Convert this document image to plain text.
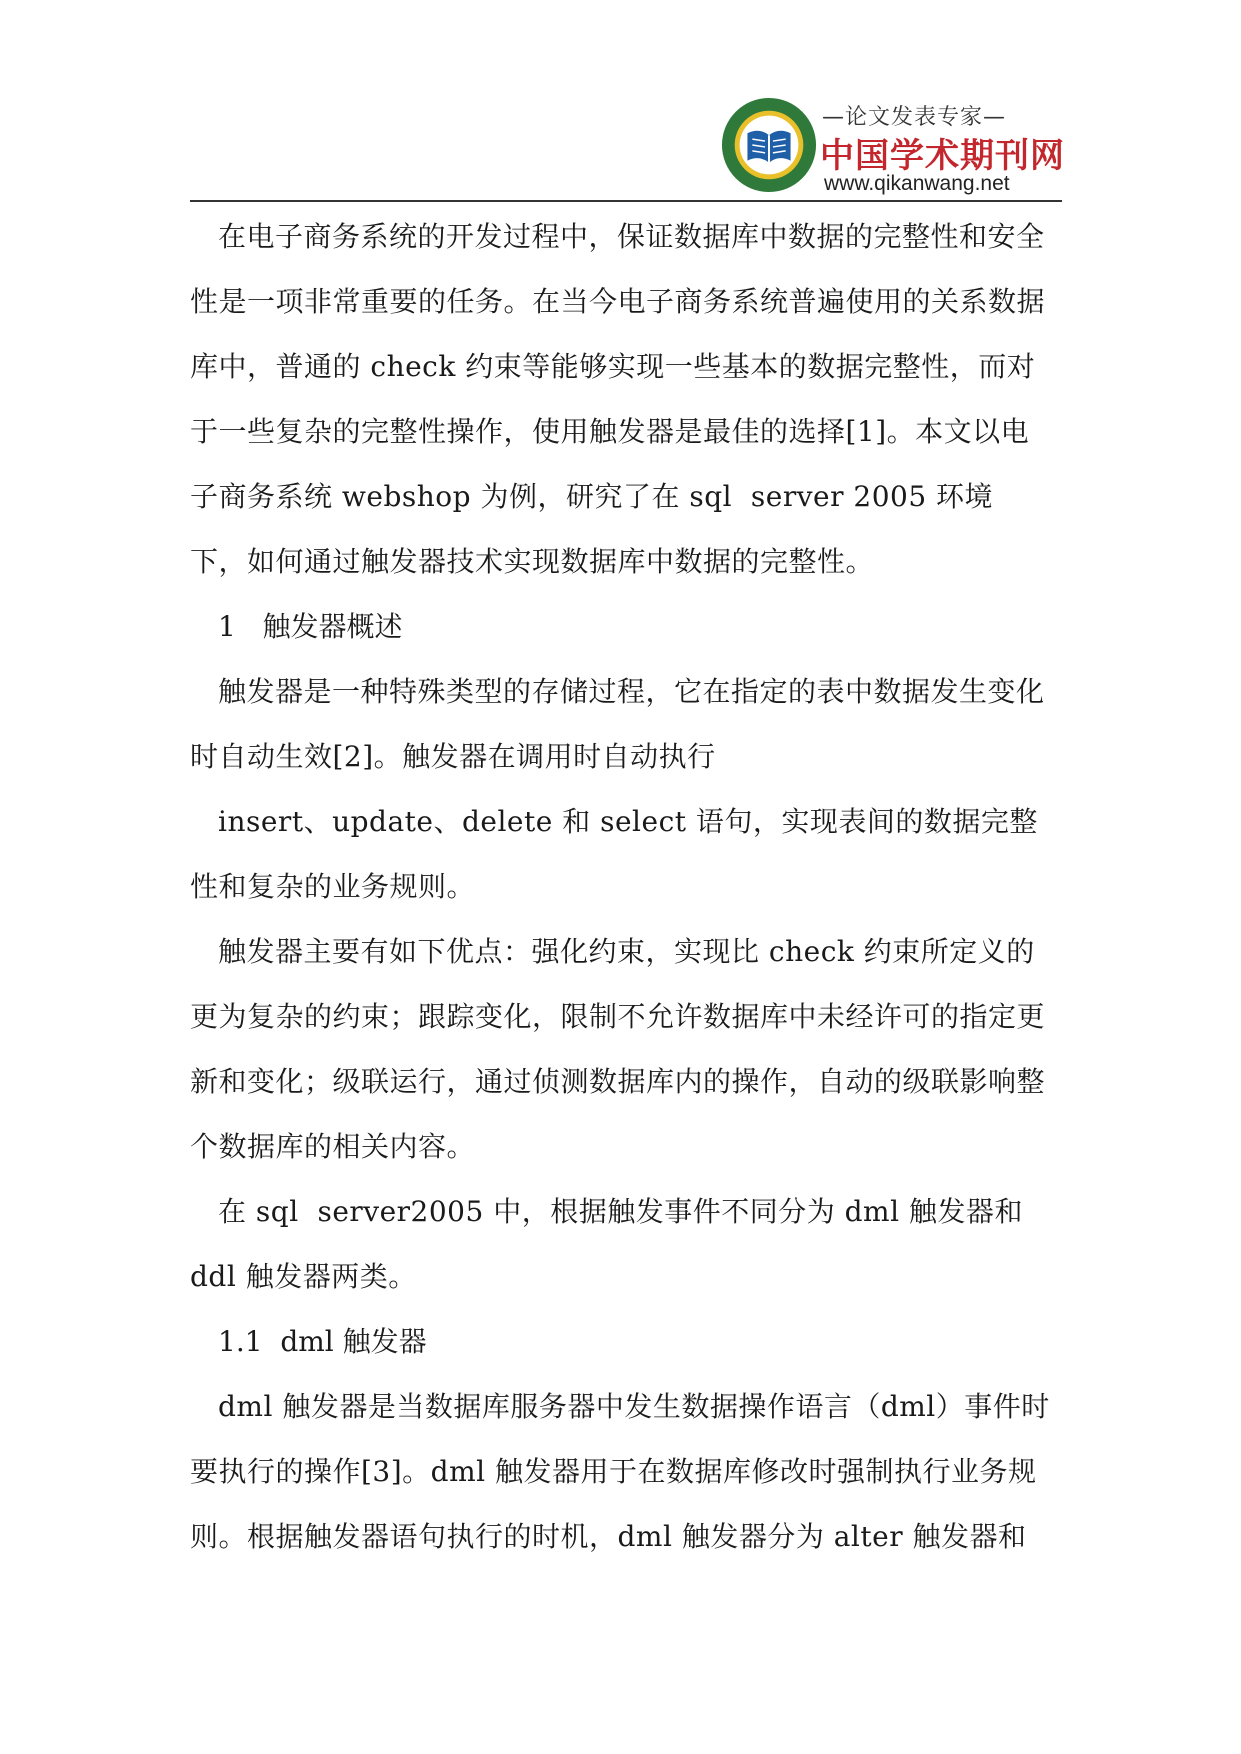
—论文发表专家—
中国学术期刊网
www.qikanwang.net

在电子商务系统的开发过程中，保证数据库中数据的完整性和安全性是一项非常重要的任务。在当今电子商务系统普遍使用的关系数据库中，普通的 check 约束等能够实现一些基本的数据完整性，而对于一些复杂的完整性操作，使用触发器是最佳的选择[1]。本文以电子商务系统 webshop 为例，研究了在 sql  server 2005 环境下，如何通过触发器技术实现数据库中数据的完整性。

1   触发器概述

触发器是一种特殊类型的存储过程，它在指定的表中数据发生变化时自动生效[2]。触发器在调用时自动执行

insert、update、delete 和 select 语句，实现表间的数据完整性和复杂的业务规则。

触发器主要有如下优点：强化约束，实现比 check 约束所定义的更为复杂的约束；跟踪变化，限制不允许数据库中未经许可的指定更新和变化；级联运行，通过侦测数据库内的操作，自动的级联影响整个数据库的相关内容。

在 sql  server2005 中，根据触发事件不同分为 dml 触发器和 ddl 触发器两类。

1.1  dml 触发器

dml 触发器是当数据库服务器中发生数据操作语言（dml）事件时要执行的操作[3]。dml 触发器用于在数据库修改时强制执行业务规则。根据触发器语句执行的时机，dml 触发器分为 alter 触发器和
